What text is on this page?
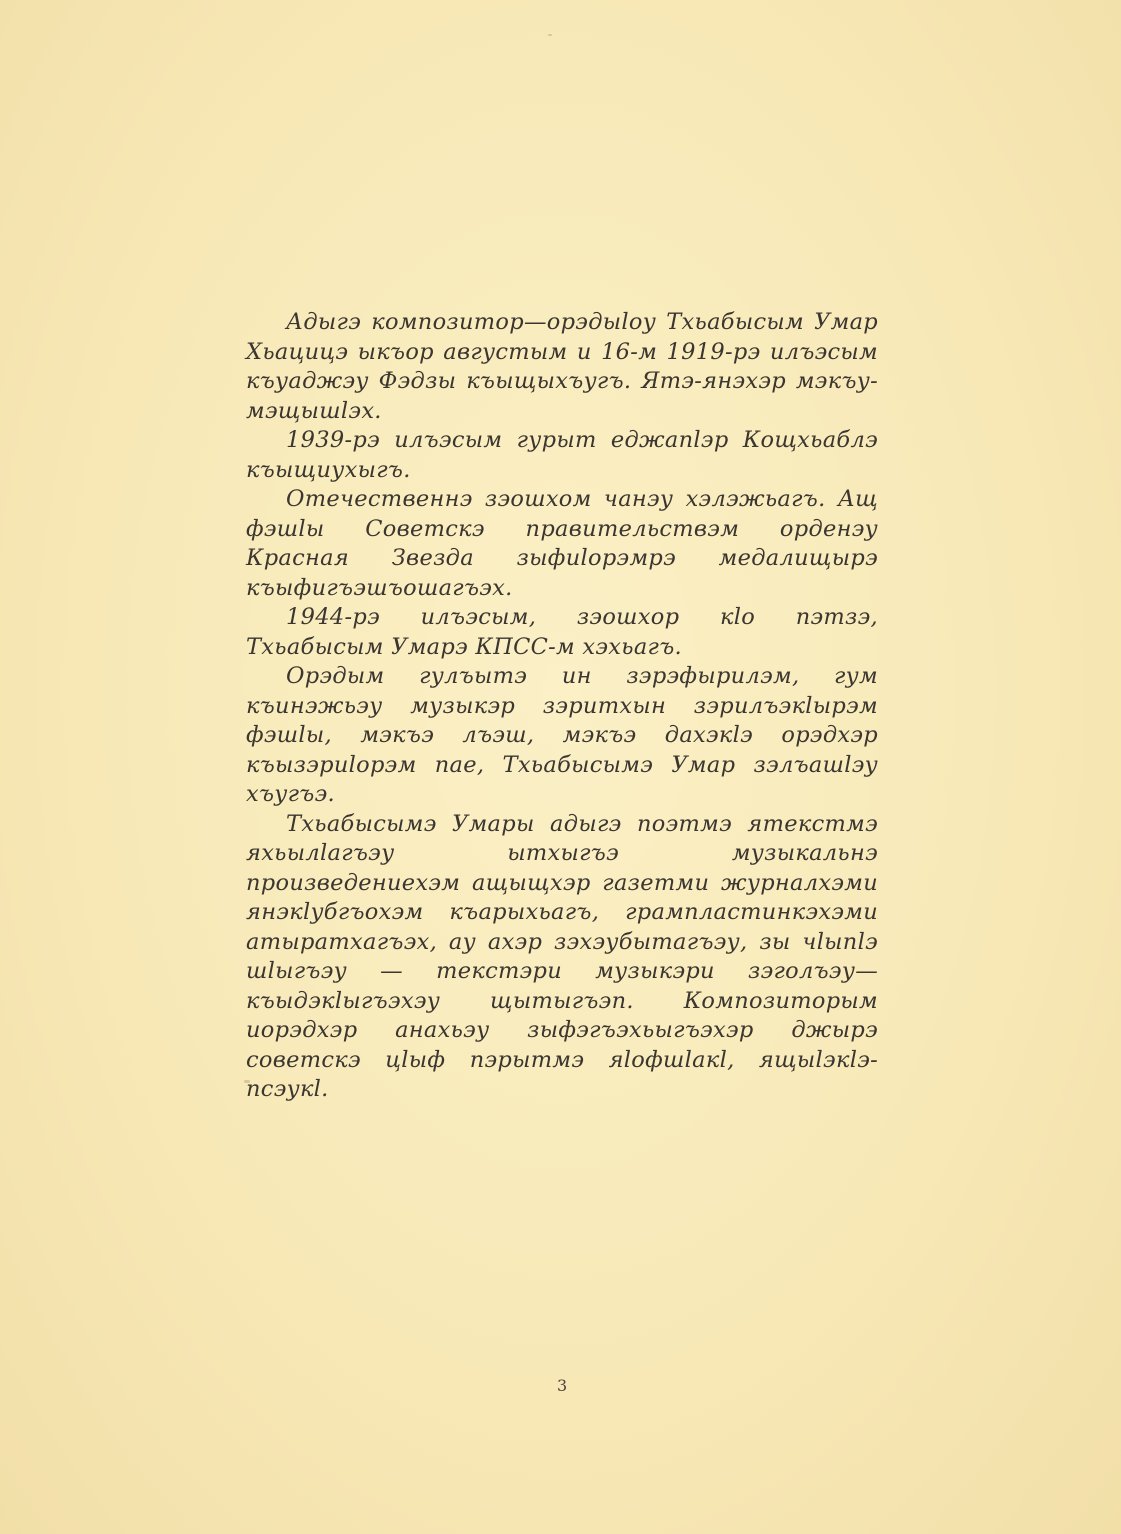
Адыгэ композитор—орэдыlоу Тхьабысым Умар Хьацицэ ыкъор августым и 16-м 1919-рэ илъэсым къуаджэу Фэдзы къыщыхъугъ. Ятэ-янэхэр мэкъу-мэщышlэх.

1939-рэ илъэсым гурыт еджапlэр Кощхьаблэ къыщиухыгъ.

Отечественнэ зэошхом чанэу хэлэжьагъ. Ащ фэшlы Советскэ правительствэм орденэу Красная Звезда зыфиlорэмрэ медалищырэ къыфигъэшъошагъэх.

1944-рэ илъэсым, зэошхор кlо пэтзэ, Тхьабысым Умарэ КПСС-м хэхьагъ.

Орэдым гулъытэ ин зэрэфырилэм, гум къинэжьэу музыкэр зэритхын зэрилъэкlырэм фэшlы, мэкъэ лъэш, мэкъэ дахэкlэ орэдхэр къызэриlорэм пае, Тхьабысымэ Умар зэлъашlэу хъугъэ.

Тхьабысымэ Умары адыгэ поэтмэ ятекстмэ яхьылlагъэу ытхыгъэ музыкальнэ произведениехэм ащыщхэр газетми журналхэми янэкlубгъохэм къарыхьагъ, грампластинкэхэми атыратхагъэх, ау ахэр зэхэубытагъэу, зы чlыпlэ шlыгъэу — текстэри музыкэри зэголъэу—къыдэкlыгъэхэу щытыгъэп. Композиторым иорэдхэр анахьэу зыфэгъэхьыгъэхэр джырэ советскэ цlыф пэрытмэ яlофшlакl, ящыlэкlэ-псэукl.

3
